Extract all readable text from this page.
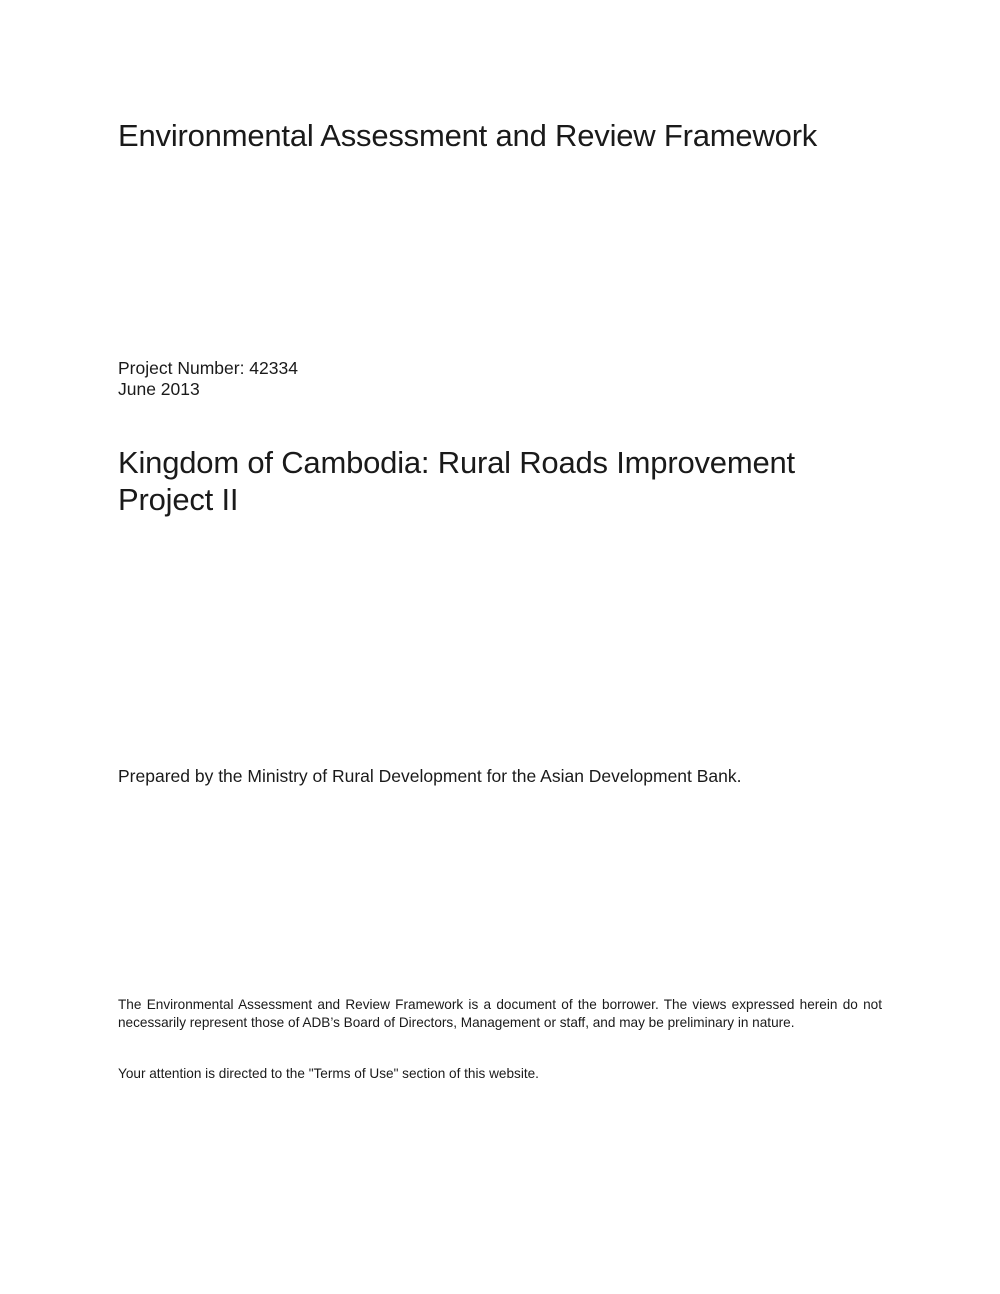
Environmental Assessment and Review Framework
Project Number: 42334
June 2013
Kingdom of Cambodia: Rural Roads Improvement Project II
Prepared by the Ministry of Rural Development for the Asian Development Bank.

The Environmental Assessment and Review Framework is a document of the borrower. The views expressed herein do not necessarily represent those of ADB’s Board of Directors, Management or staff, and may be preliminary in nature.

Your attention is directed to the "Terms of Use" section of this website.
